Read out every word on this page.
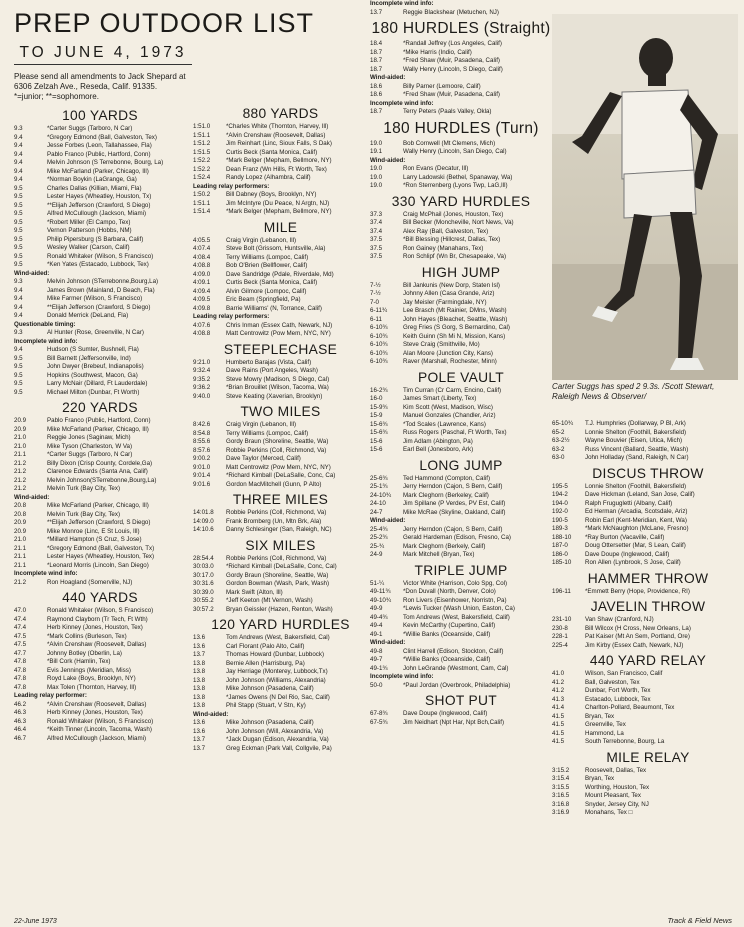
PREP OUTDOOR LIST
TO JUNE 4, 1973
Please send all amendments to Jack Shepard at 6306 Zelzah Ave., Reseda, Calif. 91335. *=junior; **=sophomore.
100 YARDS
9.3	*Carter Suggs (Tarboro, N Car)
9.4	*Gregory Edmond (Ball, Galveston, Tex)
9.4	Jesse Forbes (Leon, Tallahassee, Fla)
9.4	Pablo Franco (Public, Hartford, Conn)
9.4	Melvin Johnson (S Terrebonne, Bourg, La)
9.4	Mike McFarland (Parker, Chicago, Ill)
9.4	*Norman Boykin (LaGrange, Ga)
9.5	Charles Dallas (Killian, Miami, Fla)
9.5	Lester Hayes (Wheatley, Houston, Tx)
9.5	**Elijah Jefferson (Crawford, S Diego)
9.5	Alfred McCullough (Jackson, Miami)
9.5	*Robert Miller (El Campo, Tex)
9.5	Vernon Patterson (Hobbs, NM)
9.5	Philip Pipersburg (S Barbara, Calif)
9.5	Wesley Walker (Carson, Calif)
9.5	Ronald Whitaker (Wilson, S Francisco)
9.5	*Ken Yates (Estacado, Lubbock, Tex)
Wind-aided:
9.3	Melvin Johnson (STerrebonne,Bourg,La)
9.4	James Brown (Mainland, D Beach, Fla)
9.4	Mike Farmer (Wilson, S Francisco)
9.4	**Elijah Jefferson (Crawford, S Diego)
9.4	Donald Merrick (DeLand, Fla)
Questionable timing:
9.3	Al Hunter (Rose, Greenville, N Car)
Incomplete wind info:
9.4	Hudson (S Sumter, Bushnell, Fla)
9.5	Bill Barnett (Jeffersonville, Ind)
9.5	John Dwyer (Brebeuf, Indianapolis)
9.5	Hopkins (Southwest, Macon, Ga)
9.5	Larry McNair (Dillard, Ft Lauderdale)
9.5	Michael Milton (Dunbar, Ft Worth)
220 YARDS
20.9	Pablo Franco (Public, Hartford, Conn)
20.9	Mike McFarland (Parker, Chicago, Ill)
21.0	Reggie Jones (Saginaw, Mich)
21.0	Mike Tyson (Charleston, W Va)
21.1	*Carter Suggs (Tarboro, N Car)
21.2	Billy Dixon (Crisp County, Cordele,Ga)
21.2	Clarence Edwards (Santa Ana, Calif)
21.2	Melvin Johnson(STerrebonne,Bourg,La)
21.2	Melvin Turk (Bay City, Tex)
Wind-aided:
20.8	Mike McFarland (Parker, Chicago, Ill)
20.8	Melvin Turk (Bay City, Tex)
20.9	**Elijah Jefferson (Crawford, S Diego)
20.9	Mike Monroe (Linc, E St Louis, Ill)
21.0	*Millard Hampton (S Cruz, S Jose)
21.1	*Gregory Edmond (Ball, Galveston, Tx)
21.1	Lester Hayes (Wheatley, Houston, Tex)
21.1	*Leonard Morris (Lincoln, San Diego)
Incomplete wind info:
21.2	Ron Hoagland (Somerville, NJ)
440 YARDS
47.0	Ronald Whitaker (Wilson, S Francisco)
47.4	Raymond Clayborn (Tr Tech, Ft Wth)
47.4	Herb Kinney (Jones, Houston, Tex)
47.5	*Mark Collins (Burleson, Tex)
47.5	*Alvin Crenshaw (Roosevelt, Dallas)
47.7	Johnny Botley (Oberlin, La)
47.8	*Bill Cork (Hamlin, Tex)
47.8	Evis Jennings (Meridian, Miss)
47.8	Royd Lake (Boys, Brooklyn, NY)
47.8	Max Tolen (Thornton, Harvey, Ill)
Leading relay performer:
46.2	*Alvin Crenshaw (Roosevelt, Dallas)
46.3	Herb Kinney (Jones, Houston, Tex)
46.3	Ronald Whitaker (Wilson, S Francisco)
46.4	*Keith Tinner (Lincoln, Tacoma, Wash)
46.7	Alfred McCullough (Jackson, Miami)
880 YARDS
1:51.0	*Charles White (Thornton, Harvey, Ill)
1:51.1	*Alvin Crenshaw (Roosevelt, Dallas)
1:51.2	Jim Reinhart (Linc, Sioux Falls, S Dak)
1:51.5	Curtis Beck (Santa Monica, Calif)
1:52.2	*Mark Belger (Mepham, Bellmore, NY)
1:52.2	Dean Franz (Wn Hills, Ft Worth, Tex)
1:52.4	Randy Lopez (Alhambra, Calif)
Leading relay performers:
1:50.2	Bill Dabney (Boys, Brooklyn, NY)
1:51.1	Jim McIntyre (Du Peace, N Argtn, NJ)
1:51.4	*Mark Belger (Mepham, Bellmore, NY)
MILE
4:05.5	Craig Virgin (Lebanon, Ill)
4:07.4	Steve Bolt (Grissom, Huntsville, Ala)
4:08.4	Terry Williams (Lompoc, Calif)
4:08.8	Bob O'Brien (Bellflower, Calif)
4:09.0	Dave Sandridge (Pdale, Riverdale, Md)
4:09.1	Curtis Beck (Santa Monica, Calif)
4:09.4	Alvin Gilmore (Lompoc, Calif)
4:09.5	Eric Beam (Springfield, Pa)
4:09.8	Barrie Williams' (N, Torrance, Calif)
Leading relay performers:
4:07.6	Chris Inman (Essex Cath, Newark, NJ)
4:08.8	Matt Centrowitz (Pow Mem, NYC, NY)
STEEPLECHASE
9:21.0	Humberto Barajas (Vista, Calif)
9:32.4	Dave Rains (Port Angeles, Wash)
9:35.2	Steve Mowry (Madison, S Diego, Cal)
9:36.2	*Brian Brouillet (Wilson, Tacoma, Wa)
9:40.0	Steve Keating (Xaverian, Brooklyn)
TWO MILES
8:42.6	Craig Virgin (Lebanon, Ill)
8:54.8	Terry Williams (Lompoc, Calif)
8:55.6	Gordy Braun (Shoreline, Seattle, Wa)
8:57.6	Robbie Perkins (Coll, Richmond, Va)
9:00.2	Dave Taylor (Merced, Calif)
9:01.0	Matt Centrowitz (Pow Mem, NYC, NY)
9:01.4	*Richard Kimball (DeLaSalle, Conc, Ca)
9:01.6	Gordon MacMitchell (Gunn, P Alto)
THREE MILES
14:01.8 Robbie Perkins (Coll, Richmond, Va)
14:09.0 Frank Bromberg (Un, Mtn Brk, Ala)
14:10.6 Danny Schlesinger (San, Raleigh, NC)
SIX MILES
28:54.4 Robbie Perkins (Coll, Richmond, Va)
30:03.0 *Richard Kimball (DeLaSalle, Conc, Cal)
30:17.0 Gordy Braun (Shoreline, Seattle, Wa)
30:31.6 Gordon Bowman (Wash, Park, Wash)
30:39.0 Mark Swift (Alton, Ill)
30:55.2 *Jeff Keeton (Mt Vernon, Wash)
30:57.2 Bryan Geissler (Hazen, Renton, Wash)
120 YARD HURDLES
13.6	Tom Andrews (West, Bakersfield, Cal)
13.6	Carl Florant (Palo Alto, Calif)
13.7	Thomas Howard (Dunbar, Lubbock)
13.8	Bernie Allen (Harrisburg, Pa)
13.8	Jay Herriage (Monterey, Lubbock,Tx)
13.8	John Johnson (Williams, Alexandria)
13.8	Mike Johnson (Pasadena, Calif)
13.8	*James Owens (N Del Rio, Sac, Calif)
13.8	Phil Stapp (Stuart, V Stn, Ky)
Wind-aided:
13.6	Mike Johnson (Pasadena, Calif)
13.6	John Johnson (Will, Alexandria, Va)
13.7	*Jack Dugan (Edison, Alexandria, Va)
13.7	Greg Eckman (Park Vall, Collgvile, Pa)
Incomplete wind info:
13.7	Reggie Blackshear (Metuchen, NJ)
180 HURDLES (Straight)
18.4	*Randall Jeffrey (Los Angeles, Calif)
18.7	*Mike Harris (Indio, Calif)
18.7	*Fred Shaw (Muir, Pasadena, Calif)
18.7	Wally Henry (Lincoln, S Diego, Calif)
Wind-aided:
18.6	Billy Parner (Lemoore, Calif)
18.6	*Fred Shaw (Muir, Pasadena, Calif)
Incomplete wind info:
18.7	Terry Peters (Paals Valley, Okla)
180 HURDLES (Turn)
19.0	Bob Cornwell (Mt Clemens, Mich)
19.1	Wally Henry (Lincoln, San Diego, Cal)
Wind-aided:
19.0	Ron Evans (Decatur, Ill)
19.0	Larry Ladowski (Bethel, Spanaway, Wa)
19.0	*Ron Sterrenberg (Lyons Twp, LaG,Ill)
330 YARD HURDLES
37.3	Craig McPhail (Jones, Houston, Tex)
37.4	Bill Becker (Moncheville, Nort News, Va)
37.4	Alex Ray (Ball, Galveston, Tex)
37.5	*Bill Blessing (Hillcrest, Dallas, Tex)
37.5	Ron Gainey (Manahans, Tex)
37.5	Ron Schlipf (Wn Br, Chesapeake, Va)
HIGH JUMP
7-½	Bill Jankunis (New Dorp, Staten Isl)
7-½	Johnny Allen (Casa Grande, Ariz)
7-0	Jay Meisler (Farmingdale, NY)
6-11¾	Lee Brasch (Mt Rainier, DMns, Wash)
6-11	John Hayes (Bleachet, Seattle, Wash)
6-10¾ Greg Fries (S Gorg, S Bernardino, Cal)
6-10¾ Keith Guinn (Sh Mi N, Mission, Kans)
6-10¾ Steve Craig (Smithville, Mo)
6-10¾ Alan Moore (Junction City, Kans)
6-10¾ Raver (Marshall, Rochester, Minn)
POLE VAULT
16-2¾ Tim Curran (Cr Carm, Encino, Calif)
16-0	James Smart (Liberty, Tex)
15-9¾ Kim Scott (West, Madison, Wisc)
15-9	Manuel Gonzales (Chandler, Ariz)
15-6¾ *Tod Scales (Lawrence, Kans)
15-6¾ Russ Rogers (Paschal, Ft Worth, Tex)
15-6	Jim Adlam (Abington, Pa)
15-6	Earl Bell (Jonesboro, Ark)
LONG JUMP
25-6¾ Ted Hammond (Compton, Calif)
25-1¾ Jerry Herndon (Cajon, S Bern, Calif)
24-10¾ Mark Cleghorn (Berkeley, Calif)
24-10	Jim Spillane (P Verdes, PV Est, Calif)
24-7	Mike McRae (Skyline, Oakland, Calif)
Wind-aided:
25-4¾ Jerry Herndon (Cajon, S Bern, Calif)
25-2¾ Gerald Hardeman (Edison, Fresno, Ca)
25-¾	Mark Cleghorn (Berkely, Calif)
24-9	Mark Mitchell (Bryan, Tex)
TRIPLE JUMP
51-¼	Victor White (Harrison, Colo Spg, Col)
49-11¾ *Don Duvall (North, Denver, Colo)
49-10¾ Ron Livers (Eisenhower, Norristn, Pa)
49-9	*Lewis Tucker (Wash Union, Easton, Ca)
49-4¾ Tom Andrews (West, Bakersfield, Calif)
49-4	Kevin McCarthy (Cupertino, Calif)
49-1	*Willie Banks (Oceanside, Calif)
Wind-aided:
49-8	Clint Harrell (Edison, Stockton, Calif)
49-7	*Willie Banks (Oceanside, Calif)
49-1¾ John LeGrande (Westmont, Cam, Cal)
Incomplete wind info:
50-0	*Paul Jordan (Overbrook, Philadelphia)
SHOT PUT
67-8¾ Dave Doupe (Inglewood, Calif)
67-5¾ Jim Neidhart (Npt Har, Npt Bch,Calif)
65-10¾ T.J. Humphries (Dollarway, P Bl, Ark)
65-2	Lonnie Shelton (Foothill, Bakersfield)
63-2½ Wayne Bouvier (Eisen, Utica, Mich)
63-2	Russ Vincent (Ballard, Seattle, Wash)
63-0	John Holladay (Sand, Raleigh, N Car)
DISCUS THROW
195-5	Lonnie Shelton (Foothill, Bakersfield)
194-2	Dave Hickman (Leland, San Jose, Calif)
194-0	Ralph Frugugletti (Albany, Calif)
192-0	Ed Herman (Arcadia, Scotsdale, Ariz)
190-5	Robin Earl (Kent-Meridian, Kent, Wa)
189-3	*Mark McNaughton (McLane, Fresno)
188-10 *Ray Burton (Vacaville, Calif)
187-0	Doug Ottersetter (Mar, S Lean, Calif)
186-0	Dave Doupe (Inglewood, Calif)
185-10 Ron Allen (Lynbrook, S Jose, Calif)
HAMMER THROW
196-11 *Emmett Berry (Hope, Providence, RI)
JAVELIN THROW
231-10 Van Shaw (Cranford, NJ)
230-8	Bill Wilcox (H Cross, New Orleans, La)
228-1	Pat Kaiser (Mt An Sem, Portland, Ore)
225-4	Jim Kirby (Essex Cath, Newark, NJ)
440 YARD RELAY
41.0	Wilson, San Francisco, Calif
41.2	Ball, Galveston, Tex
41.2	Dunbar, Fort Worth, Tex
41.3	Estacado, Lubbock, Tex
41.4	Charlton-Pollard, Beaumont, Tex
41.5	Bryan, Tex
41.5	Greenville, Tex
41.5	Hammond, La
41.5	South Terrebonne, Bourg, La
MILE RELAY
3:15.2	Roosevelt, Dallas, Tex
3:15.4	Bryan, Tex
3:15.5	Worthing, Houston, Tex
3:16.5	Mount Pleasant, Tex
3:16.8	Snyder, Jersey City, NJ
3:16.9	Monahans, Tex □
Carter Suggs has sped 2 9.3s. /Scott Stewart, Raleigh News & Observer/
22-June 1973	Track & Field News
